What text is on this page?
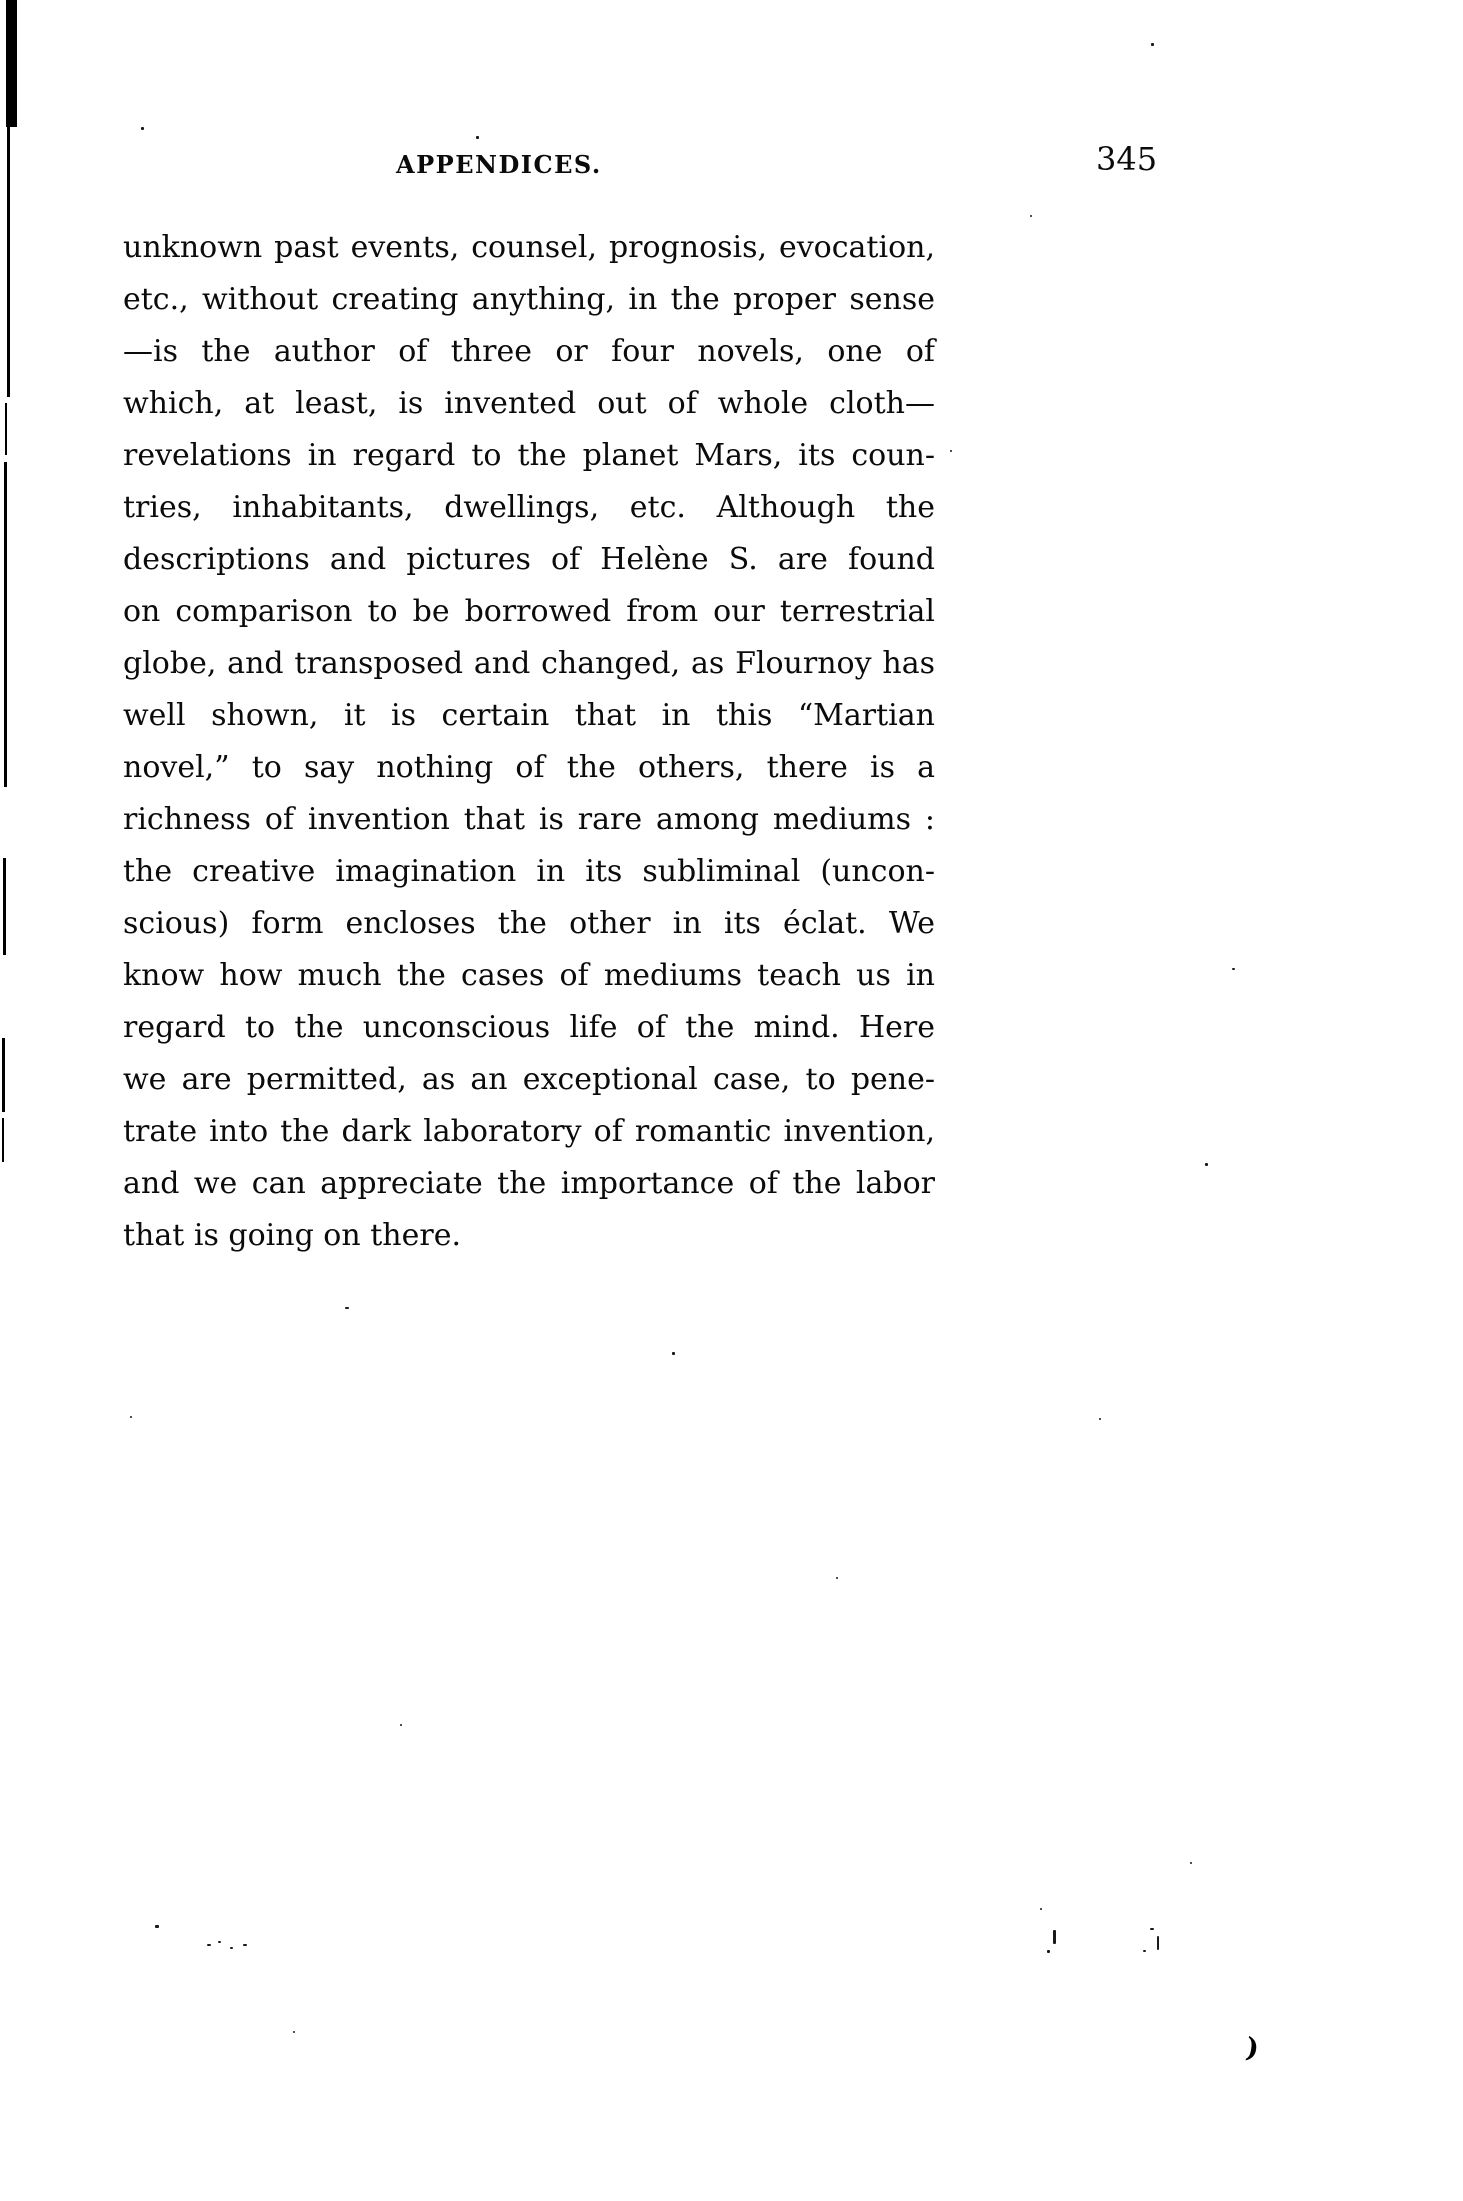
APPENDICES.	345
unknown past events, counsel, prognosis, evocation,
etc., without creating anything, in the proper sense
—is the author of three or four novels, one of
which, at least, is invented out of whole cloth—
revelations in regard to the planet Mars, its coun-
tries, inhabitants, dwellings, etc. Although the
descriptions and pictures of Helène S. are found
on comparison to be borrowed from our terrestrial
globe, and transposed and changed, as Flournoy has
well shown, it is certain that in this “Martian
novel,” to say nothing of the others, there is a
richness of invention that is rare among mediums :
the creative imagination in its subliminal (uncon-
scious) form encloses the other in its éclat. We
know how much the cases of mediums teach us in
regard to the unconscious life of the mind. Here
we are permitted, as an exceptional case, to pene-
trate into the dark laboratory of romantic invention,
and we can appreciate the importance of the labor
that is going on there.
)
